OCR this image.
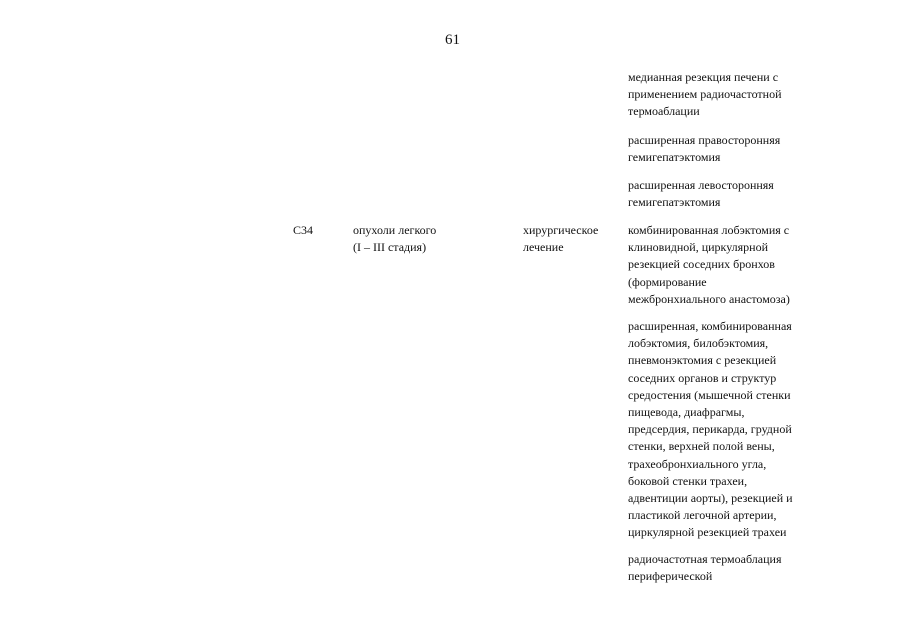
61
медианная резекция печени с
применением радиочастотной
термоаблации
расширенная правосторонняя
гемигепатэктомия
расширенная левосторонняя
гемигепатэктомия
C34	опухоли легкого
(I – III стадия)
хирургическое
лечение
комбинированная лобэктомия с
клиновидной, циркулярной
резекцией соседних бронхов
(формирование
межбронхиального анастомоза)
расширенная, комбинированная
лобэктомия, билобэктомия,
пневмонэктомия с резекцией
соседних органов и структур
средостения (мышечной стенки
пищевода, диафрагмы,
предсердия, перикарда, грудной
стенки, верхней полой вены,
трахеобронхиального угла,
боковой стенки трахеи,
адвентиции аорты), резекцией и
пластикой легочной артерии,
циркулярной резекцией трахеи
радиочастотная термоаблация
периферической
